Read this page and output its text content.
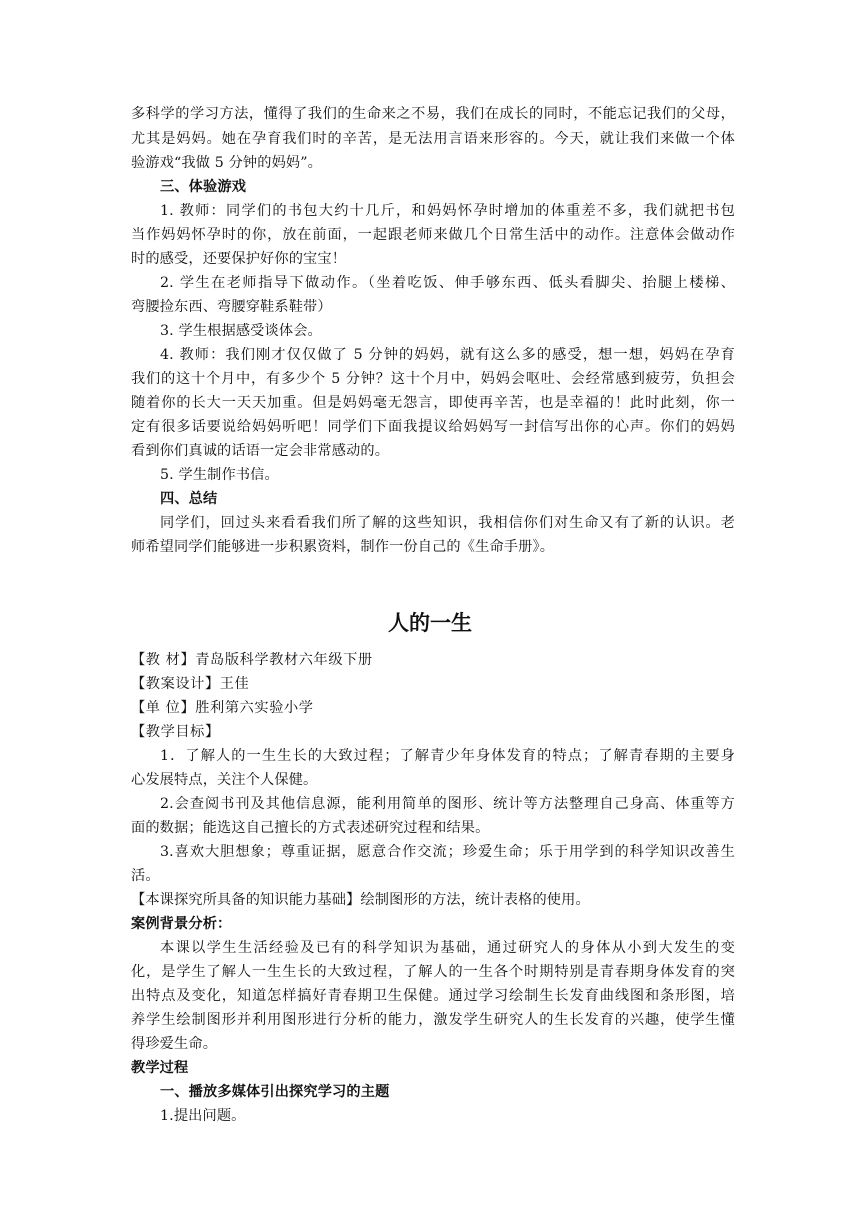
多科学的学习方法，懂得了我们的生命来之不易，我们在成长的同时，不能忘记我们的父母，
尤其是妈妈。她在孕育我们时的辛苦，是无法用言语来形容的。今天，就让我们来做一个体
验游戏“我做 5 分钟的妈妈”。
三、体验游戏
1. 教师：同学们的书包大约十几斤，和妈妈怀孕时增加的体重差不多，我们就把书包
当作妈妈怀孕时的你，放在前面，一起跟老师来做几个日常生活中的动作。注意体会做动作
时的感受，还要保护好你的宝宝！
2. 学生在老师指导下做动作。（坐着吃饭、伸手够东西、低头看脚尖、抬腿上楼梯、
弯腰捡东西、弯腰穿鞋系鞋带）
3. 学生根据感受谈体会。
4. 教师：我们刚才仅仅做了 5 分钟的妈妈，就有这么多的感受，想一想，妈妈在孕育
我们的这十个月中，有多少个 5 分钟？这十个月中，妈妈会呕吐、会经常感到疲劳，负担会
随着你的长大一天天加重。但是妈妈毫无怨言，即使再辛苦，也是幸福的！此时此刻，你一
定有很多话要说给妈妈听吧！同学们下面我提议给妈妈写一封信写出你的心声。你们的妈妈
看到你们真诚的话语一定会非常感动的。
5. 学生制作书信。
四、总结
同学们，回过头来看看我们所了解的这些知识，我相信你们对生命又有了新的认识。老
师希望同学们能够进一步积累资料，制作一份自己的《生命手册》。
人的一生
【教 材】青岛版科学教材六年级下册
【教案设计】王佳
【单 位】胜利第六实验小学
【教学目标】
1．了解人的一生生长的大致过程；了解青少年身体发育的特点；了解青春期的主要身
心发展特点，关注个人保健。
2.会查阅书刊及其他信息源，能利用简单的图形、统计等方法整理自己身高、体重等方
面的数据；能选这自己擅长的方式表述研究过程和结果。
3.喜欢大胆想象；尊重证据，愿意合作交流；珍爱生命；乐于用学到的科学知识改善生
活。
【本课探究所具备的知识能力基础】绘制图形的方法，统计表格的使用。
案例背景分析：
本课以学生生活经验及已有的科学知识为基础，通过研究人的身体从小到大发生的变
化，是学生了解人一生生长的大致过程，了解人的一生各个时期特别是青春期身体发育的突
出特点及变化，知道怎样搞好青春期卫生保健。通过学习绘制生长发育曲线图和条形图，培
养学生绘制图形并利用图形进行分析的能力，激发学生研究人的生长发育的兴趣，使学生懂
得珍爱生命。
教学过程
一、播放多媒体引出探究学习的主题
1.提出问题。
